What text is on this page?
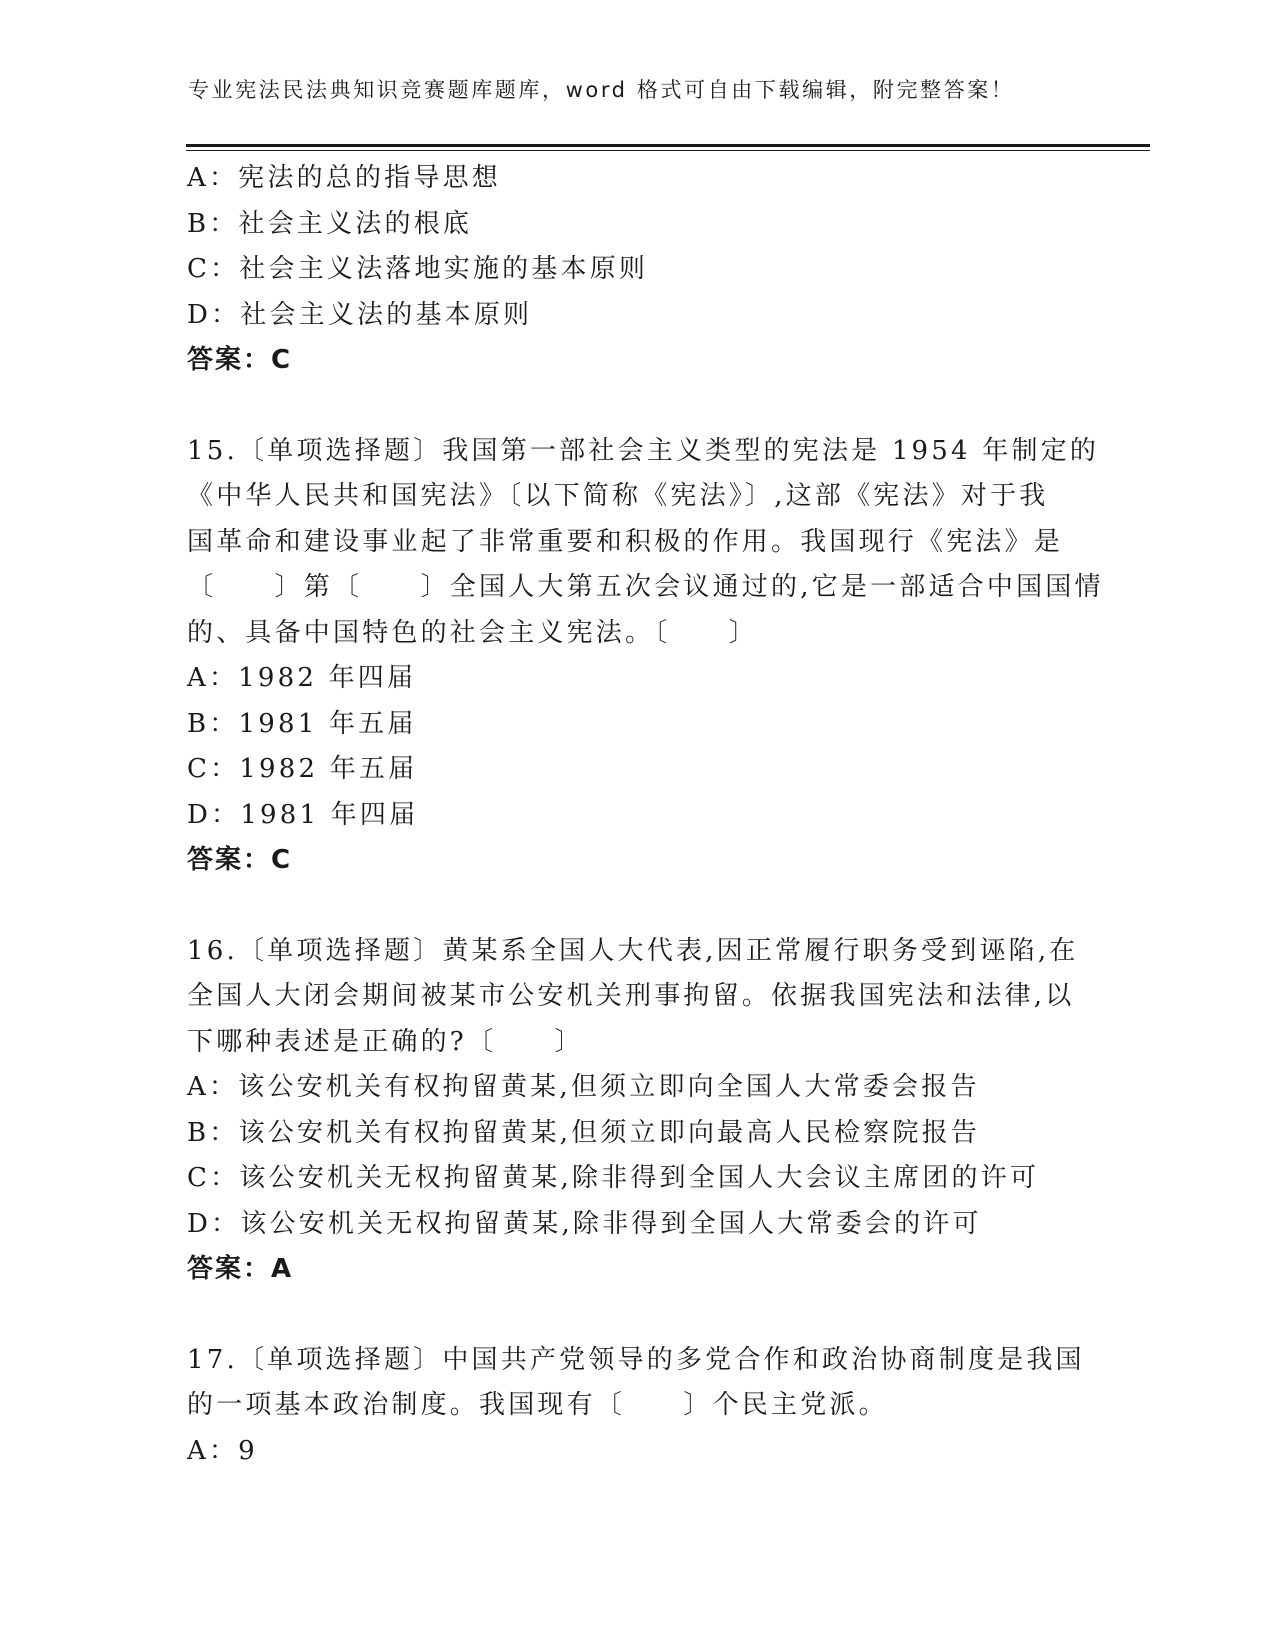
专业宪法民法典知识竞赛题库题库，word 格式可自由下载编辑，附完整答案！
A：宪法的总的指导思想
B：社会主义法的根底
C：社会主义法落地实施的基本原则
D：社会主义法的基本原则
答案：C
15.〔单项选择题〕我国第一部社会主义类型的宪法是 1954 年制定的
《中华人民共和国宪法》〔以下简称《宪法》〕,这部《宪法》对于我
国革命和建设事业起了非常重要和积极的作用。我国现行《宪法》是
〔　　〕第〔　　〕全国人大第五次会议通过的,它是一部适合中国国情
的、具备中国特色的社会主义宪法。〔　　〕
A：1982 年四届
B：1981 年五届
C：1982 年五届
D：1981 年四届
答案：C
16.〔单项选择题〕黄某系全国人大代表,因正常履行职务受到诬陷,在
全国人大闭会期间被某市公安机关刑事拘留。依据我国宪法和法律,以
下哪种表述是正确的?〔　　〕
A：该公安机关有权拘留黄某,但须立即向全国人大常委会报告
B：该公安机关有权拘留黄某,但须立即向最高人民检察院报告
C：该公安机关无权拘留黄某,除非得到全国人大会议主席团的许可
D：该公安机关无权拘留黄某,除非得到全国人大常委会的许可
答案：A
17.〔单项选择题〕中国共产党领导的多党合作和政治协商制度是我国
的一项基本政治制度。我国现有〔　　〕个民主党派。
A：9
